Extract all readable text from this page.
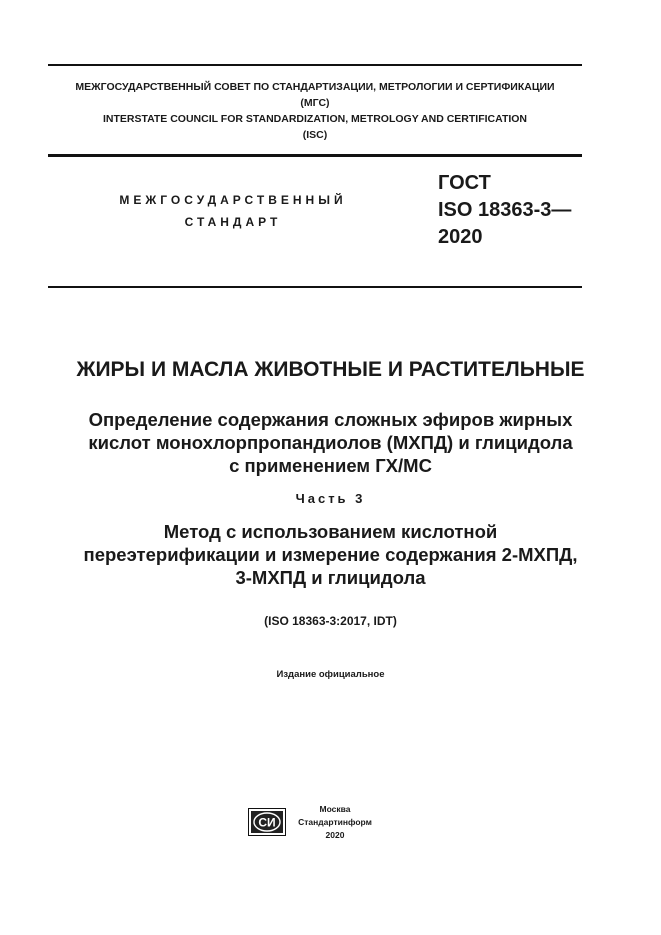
МЕЖГОСУДАРСТВЕННЫЙ СОВЕТ ПО СТАНДАРТИЗАЦИИ, МЕТРОЛОГИИ И СЕРТИФИКАЦИИ
(МГС)
INTERSTATE COUNCIL FOR STANDARDIZATION, METROLOGY AND CERTIFICATION
(ISC)
МЕЖГОСУДАРСТВЕННЫЙ
СТАНДАРТ
ГОСТ
ISO 18363-3—
2020
ЖИРЫ И МАСЛА ЖИВОТНЫЕ И РАСТИТЕЛЬНЫЕ
Определение содержания сложных эфиров жирных
кислот монохлорпропандиолов (МХПД) и глицидола
с применением ГХ/МС
Часть 3
Метод с использованием кислотной
переэтерификации и измерение содержания 2-МХПД,
3-МХПД и глицидола
(ISO 18363-3:2017, IDT)
Издание официальное
СИ
Москва
Стандартинформ
2020
